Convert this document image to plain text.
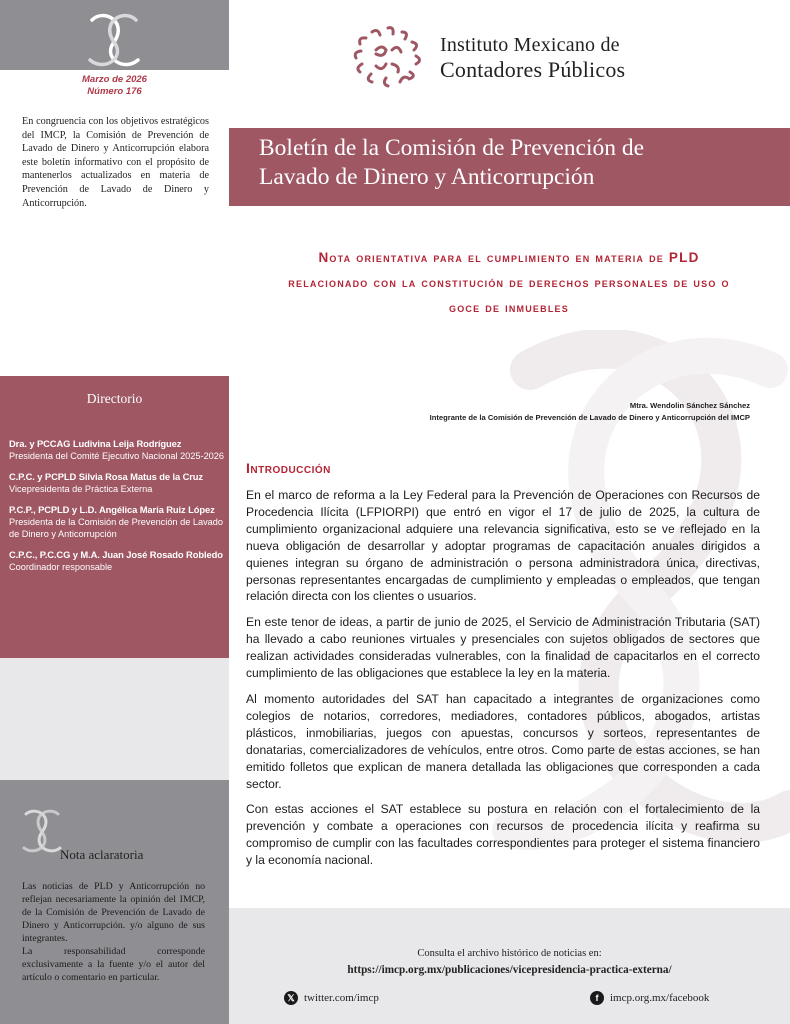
Marzo de 2026
Número 176
En congruencia con los objetivos estratégicos del IMCP, la Comisión de Prevención de Lavado de Dinero y Anticorrupción elabora este boletín informativo con el propósito de mantenerlos actualizados en materia de Prevención de Lavado de Dinero y Anticorrupción.
Directorio
Dra. y PCCAG Ludivina Leija Rodríguez
Presidenta del Comité Ejecutivo Nacional 2025-2026
C.P.C. y PCPLD Silvia Rosa Matus de la Cruz
Vicepresidenta de Práctica Externa
P.C.P., PCPLD y L.D. Angélica María Ruiz López
Presidenta de la Comisión de Prevención de Lavado de Dinero y Anticorrupción
C.P.C., P.C.CG y M.A. Juan José Rosado Robledo
Coordinador responsable
Nota aclaratoria

Las noticias de PLD y Anticorrupción no reflejan necesariamente la opinión del IMCP, de la Comisión de Prevención de Lavado de Dinero y Anticorrupción. y/o alguno de sus integrantes.

La responsabilidad corresponde exclusivamente a la fuente y/o el autor del artículo o comentario en particular.

Instituto Mexicano de
Contadores Públicos
Boletín de la Comisión de Prevención de
Lavado de Dinero y Anticorrupción
Nota orientativa para el cumplimiento en materia de PLD
relacionado con la constitución de derechos personales de uso o
goce de inmuebles
Mtra. Wendolin Sánchez Sánchez
Integrante de la Comisión de Prevención de Lavado de Dinero y Anticorrupción del IMCP
Introducción

En el marco de reforma a la Ley Federal para la Prevención de Operaciones con Recursos de Procedencia Ilícita (LFPIORPI) que entró en vigor el 17 de julio de 2025, la cultura de cumplimiento organizacional adquiere una relevancia significativa, esto se ve reflejado en la nueva obligación de desarrollar y adoptar programas de capacitación anuales dirigidos a quienes integran su órgano de administración o persona administradora única, directivas, personas representantes encargadas de cumplimiento y empleadas o empleados, que tengan relación directa con los clientes o usuarios.

En este tenor de ideas, a partir de junio de 2025, el Servicio de Administración Tributaria (SAT) ha llevado a cabo reuniones virtuales y presenciales con sujetos obligados de sectores que realizan actividades consideradas vulnerables, con la finalidad de capacitarlos en el correcto cumplimiento de las obligaciones que establece la ley en la materia.

Al momento autoridades del SAT han capacitado a integrantes de organizaciones como colegios de notarios, corredores, mediadores, contadores públicos, abogados, artistas plásticos, inmobiliarias, juegos con apuestas, concursos y sorteos, representantes de donatarias, comercializadores de vehículos, entre otros. Como parte de estas acciones, se han emitido folletos que explican de manera detallada las obligaciones que corresponden a cada sector.

Con estas acciones el SAT establece su postura en relación con el fortalecimiento de la prevención y combate a operaciones con recursos de procedencia ilícita y reafirma su compromiso de cumplir con las facultades correspondientes para proteger el sistema financiero y la economía nacional.

Consulta el archivo histórico de noticias en:
https://imcp.org.mx/publicaciones/vicepresidencia-practica-externa/
𝕏 twitter.com/imcp	f	imcp.org.mx/facebook
